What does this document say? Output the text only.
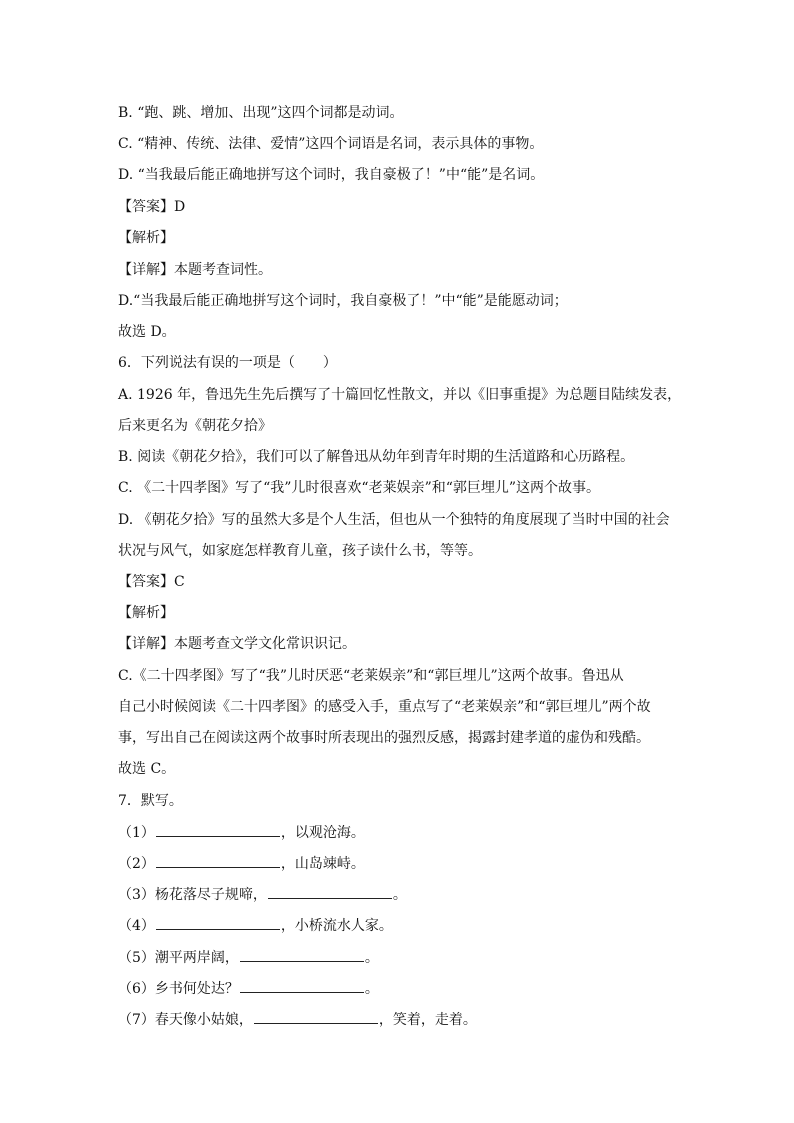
B. “跑、跳、增加、出现”这四个词都是动词。
C. “精神、传统、法律、爱情”这四个词语是名词，表示具体的事物。
D. “当我最后能正确地拼写这个词时，我自豪极了！”中“能”是名词。
【答案】D
【解析】
【详解】本题考查词性。
D.“当我最后能正确地拼写这个词时，我自豪极了！”中“能”是能愿动词；
故选 D。
6．下列说法有误的一项是（　　）
A. 1926 年，鲁迅先生先后撰写了十篇回忆性散文，并以《旧事重提》为总题目陆续发表，
后来更名为《朝花夕拾》
B. 阅读《朝花夕拾》，我们可以了解鲁迅从幼年到青年时期的生活道路和心历路程。
C. 《二十四孝图》写了“我”儿时很喜欢“老莱娱亲”和“郭巨埋儿”这两个故事。
D. 《朝花夕拾》写的虽然大多是个人生活，但也从一个独特的角度展现了当时中国的社会
状况与风气，如家庭怎样教育儿童，孩子读什么书，等等。
【答案】C
【解析】
【详解】本题考查文学文化常识识记。
C.《二十四孝图》写了“我”儿时厌恶“老莱娱亲”和“郭巨埋儿”这两个故事。鲁迅从
自己小时候阅读《二十四孝图》的感受入手，重点写了“老莱娱亲”和“郭巨埋儿”两个故
事，写出自己在阅读这两个故事时所表现出的强烈反感，揭露封建孝道的虚伪和残酷。
故选 C。
7．默写。
（1）	，以观沧海。
（2）	，山岛竦峙。
（3）杨花落尽子规啼，	。
（4）	，小桥流水人家。
（5）潮平两岸阔，	。
（6）乡书何处达？	。
（7）春天像小姑娘，	，笑着，走着。
